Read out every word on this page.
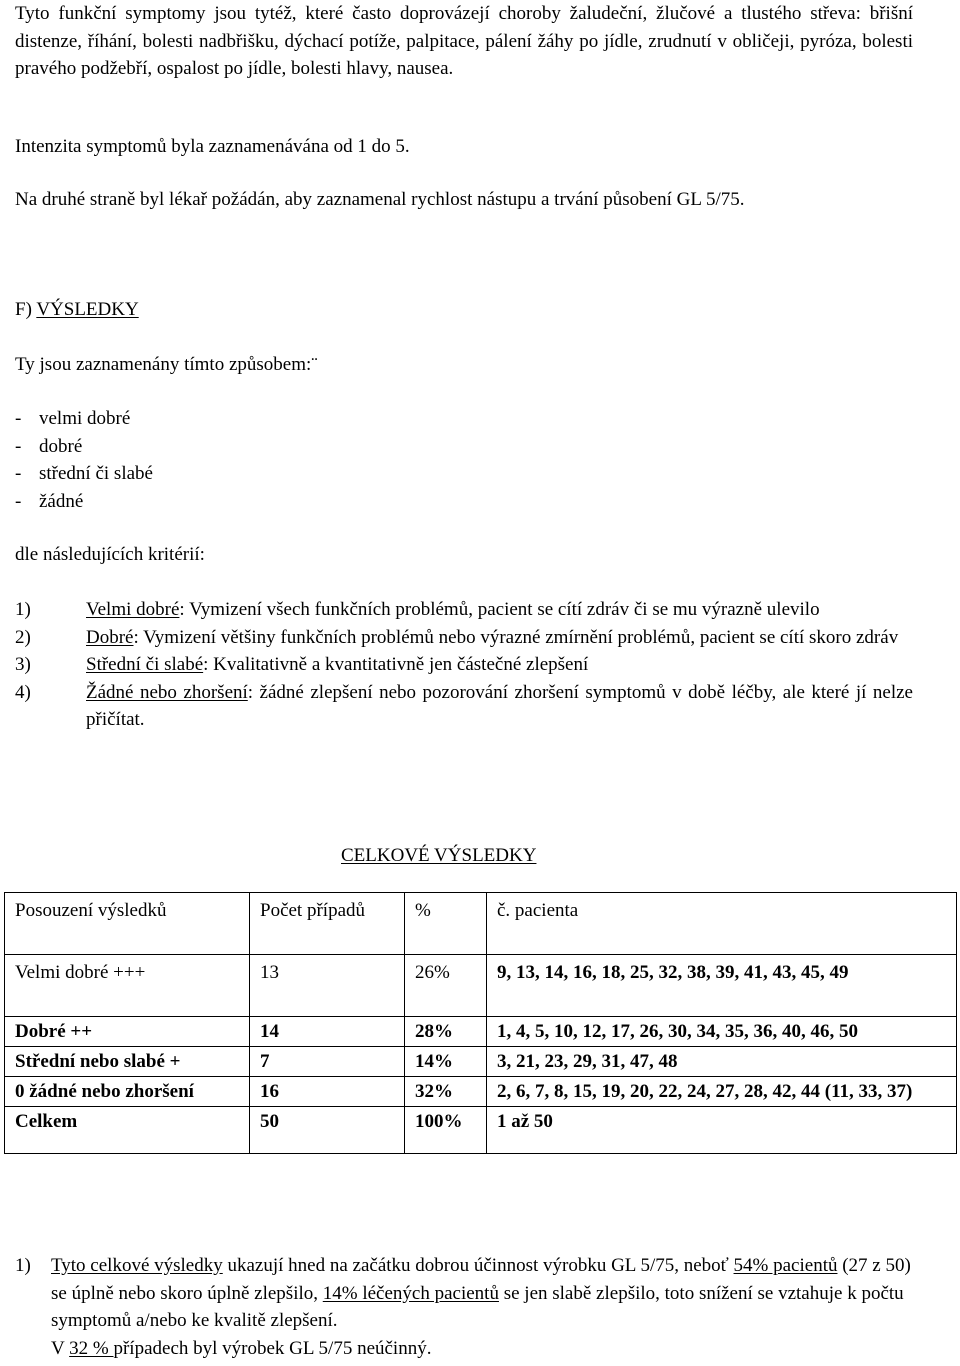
Tyto funkční symptomy jsou tytéž, které často doprovázejí choroby žaludeční, žlučové a tlustého střeva: břišní distenze, říhání, bolesti nadbřišku, dýchací potíže, palpitace, pálení žáhy po jídle, zrudnutí v obličeji, pyróza, bolesti pravého podžebří, ospalost po jídle, bolesti hlavy, nausea.

Intenzita symptomů byla zaznamenávána od 1 do 5.

Na druhé straně byl lékař požádán, aby zaznamenal rychlost nástupu a trvání působení GL 5/75.

F) VÝSLEDKY

Ty jsou zaznamenány tímto způsobem:¨

- velmi dobré
- dobré
- střední či slabé
- žádné

dle následujících kritérií:

1)	Velmi dobré: Vymizení všech funkčních problémů, pacient se cítí zdráv či se mu výrazně ulevilo
2)	Dobré: Vymizení většiny funkčních problémů nebo výrazné zmírnění problémů, pacient se cítí skoro zdráv
3)	Střední či slabé: Kvalitativně a kvantitativně jen částečné zlepšení
4)	Žádné nebo zhoršení: žádné zlepšení nebo pozorování zhoršení symptomů v době léčby, ale které jí nelze přičítat.
CELKOVÉ VÝSLEDKY
Posouzení výsledků	Počet případů	%	č. pacienta
Velmi dobré +++	13	26%	9, 13, 14, 16, 18, 25, 32, 38, 39, 41, 43, 45, 49
Dobré ++	14	28%	1, 4, 5, 10, 12, 17, 26, 30, 34, 35, 36, 40, 46, 50
Střední nebo slabé +	7	14%	3, 21, 23, 29, 31, 47, 48
0 žádné nebo zhoršení	16	32%	2, 6, 7, 8, 15, 19, 20, 22, 24, 27, 28, 42, 44 (11, 33, 37)
Celkem	50	100%	1 až 50
1)	Tyto celkové výsledky ukazují hned na začátku dobrou účinnost výrobku GL 5/75, neboť 54% pacientů (27 z 50) se úplně nebo skoro úplně zlepšilo, 14% léčených pacientů se jen slabě zlepšilo, toto snížení se vztahuje k počtu symptomů a/nebo ke kvalitě zlepšení.
V 32 % případech byl výrobek GL 5/75 neúčinný.
